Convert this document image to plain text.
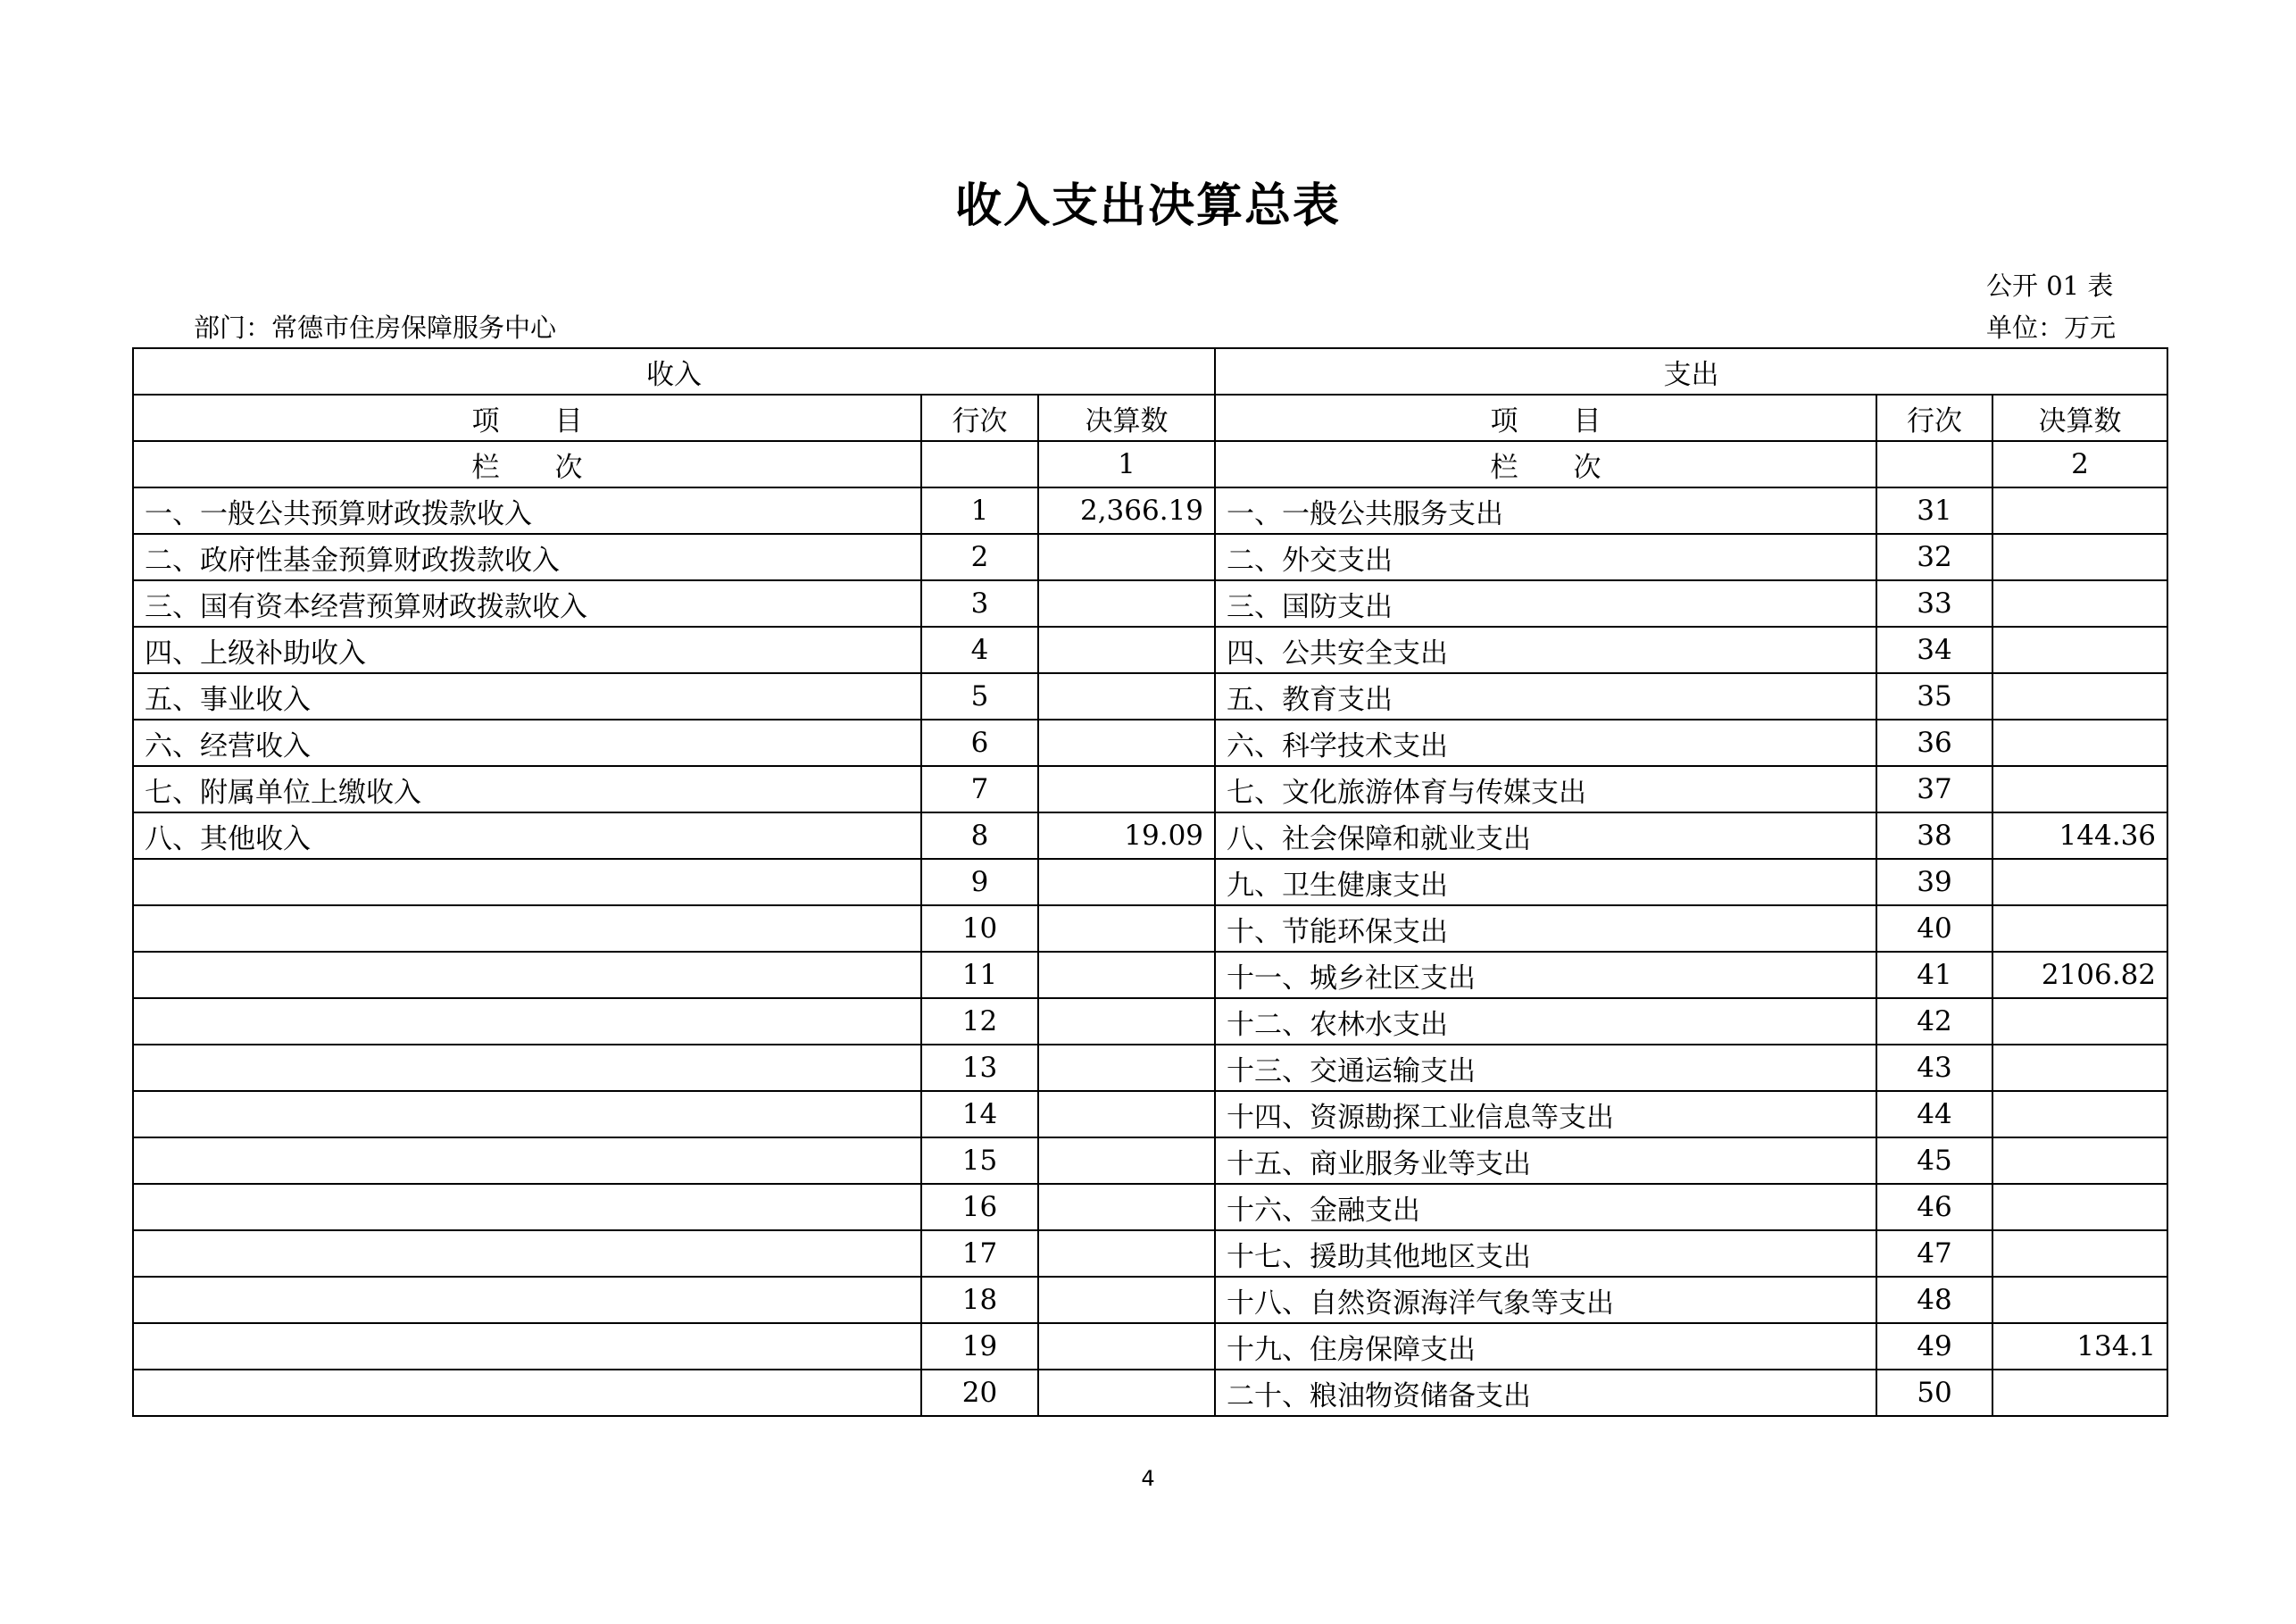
收入支出决算总表
公开 01 表
部门：常德市住房保障服务中心	单位：万元
收入			支出		
项　　目	行次	决算数	项　　目	行次	决算数
栏　　次		1	栏　　次		2
一、一般公共预算财政拨款收入	1	2,366.19	一、一般公共服务支出	31	
二、政府性基金预算财政拨款收入	2		二、外交支出	32	
三、国有资本经营预算财政拨款收入	3		三、国防支出	33	
四、上级补助收入	4		四、公共安全支出	34	
五、事业收入	5		五、教育支出	35	
六、经营收入	6		六、科学技术支出	36	
七、附属单位上缴收入	7		七、文化旅游体育与传媒支出	37	
八、其他收入	8	19.09	八、社会保障和就业支出	38	144.36
	9		九、卫生健康支出	39	
	10		十、节能环保支出	40	
	11		十一、城乡社区支出	41	2106.82
	12		十二、农林水支出	42	
	13		十三、交通运输支出	43	
	14		十四、资源勘探工业信息等支出	44	
	15		十五、商业服务业等支出	45	
	16		十六、金融支出	46	
	17		十七、援助其他地区支出	47	
	18		十八、自然资源海洋气象等支出	48	
	19		十九、住房保障支出	49	134.1
	20		二十、粮油物资储备支出	50	
4
